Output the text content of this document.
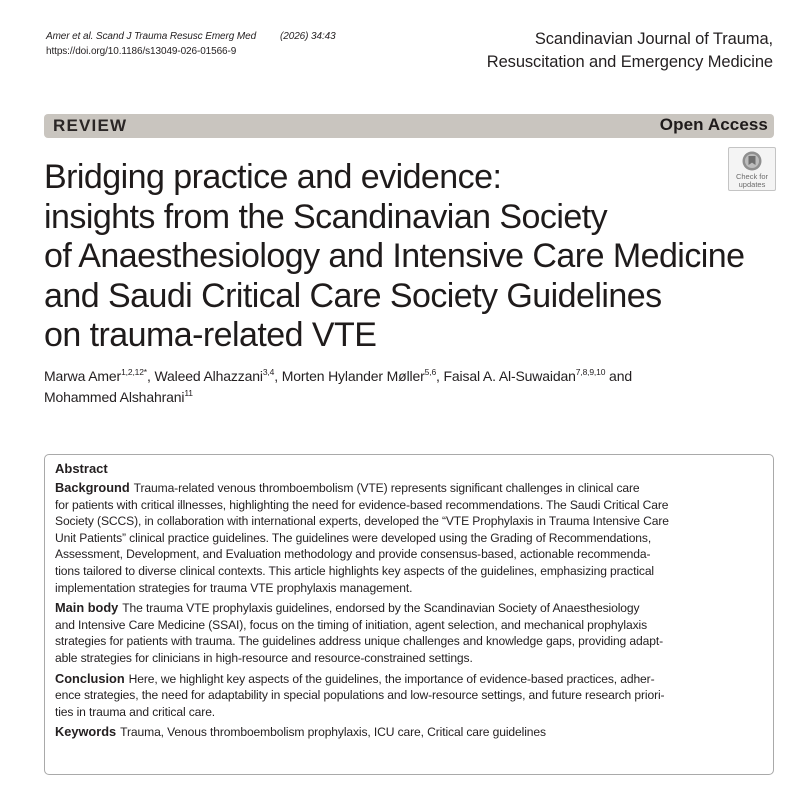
Amer et al. Scand J Trauma Resusc Emerg Med (2026) 34:43
https://doi.org/10.1186/s13049-026-01566-9
Scandinavian Journal of Trauma,
Resuscitation and Emergency Medicine
REVIEW	Open Access
Check for
updates
Bridging practice and evidence:
insights from the Scandinavian Society
of Anaesthesiology and Intensive Care Medicine
and Saudi Critical Care Society Guidelines
on trauma-related VTE
Marwa Amer$^{1,2,12*}$, Waleed Alhazzani$^{3,4}$, Morten Hylander Møller$^{5,6}$, Faisal A. Al-Suwaidan$^{7,8,9,10}$ and
Mohammed Alshahrani$^{11}$
Abstract
Background Trauma-related venous thromboembolism (VTE) represents significant challenges in clinical care
for patients with critical illnesses, highlighting the need for evidence-based recommendations. The Saudi Critical Care
Society (SCCS), in collaboration with international experts, developed the “VTE Prophylaxis in Trauma Intensive Care
Unit Patients” clinical practice guidelines. The guidelines were developed using the Grading of Recommendations,
Assessment, Development, and Evaluation methodology and provide consensus-based, actionable recommenda-
tions tailored to diverse clinical contexts. This article highlights key aspects of the guidelines, emphasizing practical
implementation strategies for trauma VTE prophylaxis management.
Main body The trauma VTE prophylaxis guidelines, endorsed by the Scandinavian Society of Anaesthesiology
and Intensive Care Medicine (SSAI), focus on the timing of initiation, agent selection, and mechanical prophylaxis
strategies for patients with trauma. The guidelines address unique challenges and knowledge gaps, providing adapt-
able strategies for clinicians in high-resource and resource-constrained settings.
Conclusion Here, we highlight key aspects of the guidelines, the importance of evidence-based practices, adher-
ence strategies, the need for adaptability in special populations and low-resource settings, and future research priori-
ties in trauma and critical care.
Keywords Trauma, Venous thromboembolism prophylaxis, ICU care, Critical care guidelines
